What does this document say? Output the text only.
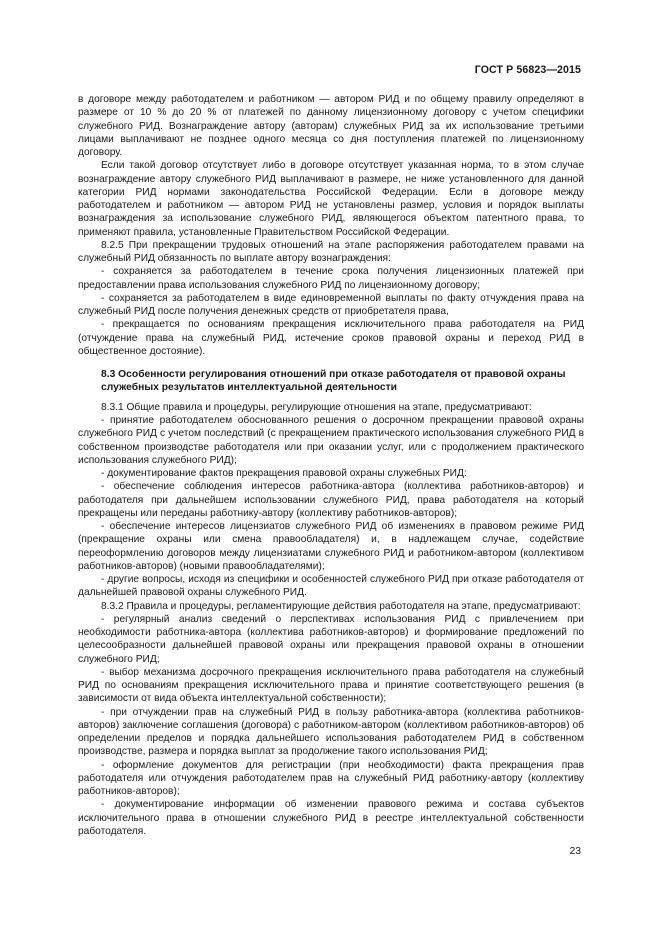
ГОСТ Р 56823—2015

в договоре между работодателем и работником — автором РИД и по общему правилу определяют в размере от 10 % до 20 % от платежей по данному лицензионному договору с учетом специфики служебного РИД. Вознаграждение автору (авторам) служебных РИД за их использование третьими лицами выплачивают не позднее одного месяца со дня поступления платежей по лицензионному договору.

Если такой договор отсутствует либо в договоре отсутствует указанная норма, то в этом случае вознаграждение автору служебного РИД выплачивают в размере, не ниже установленного для данной категории РИД нормами законодательства Российской Федерации. Если в договоре между работодателем и работником — автором РИД не установлены размер, условия и порядок выплаты вознаграждения за использование служебного РИД, являющегося объектом патентного права, то применяют правила, установленные Правительством Российской Федерации.

8.2.5 При прекращении трудовых отношений на этапе распоряжения работодателем правами на служебный РИД обязанность по выплате автору вознаграждения:

- сохраняется за работодателем в течение срока получения лицензионных платежей при предоставлении права использования служебного РИД по лицензионному договору;

- сохраняется за работодателем в виде единовременной выплаты по факту отчуждения права на служебный РИД после получения денежных средств от приобретателя права,

- прекращается по основаниям прекращения исключительного права работодателя на РИД (отчуждение права на служебный РИД, истечение сроков правовой охраны и переход РИД в общественное достояние).

8.3 Особенности регулирования отношений при отказе работодателя от правовой охраны служебных результатов интеллектуальной деятельности

8.3.1 Общие правила и процедуры, регулирующие отношения на этапе, предусматривают:

- принятие работодателем обоснованного решения о досрочном прекращении правовой охраны служебного РИД с учетом последствий (с прекращением практического использования служебного РИД в собственном производстве работодателя или при оказании услуг, или с продолжением практического использования служебного РИД);

- документирование фактов прекращения правовой охраны служебных РИД:

- обеспечение соблюдения интересов работника-автора (коллектива работников-авторов) и работодателя при дальнейшем использовании служебного РИД, права работодателя на который прекращены или переданы работнику-автору (коллективу работников-авторов);

- обеспечение интересов лицензиатов служебного РИД об изменениях в правовом режиме РИД (прекращение охраны или смена правообладателя) и, в надлежащем случае, содействие переоформлению договоров между лицензиатами служебного РИД и работником-автором (коллективом работников-авторов) (новыми правообладателями);

- другие вопросы, исходя из специфики и особенностей служебного РИД при отказе работодателя от дальнейшей правовой охраны служебного РИД.

8.3.2 Правила и процедуры, регламентирующие действия работодателя на этапе, предусматривают:

- регулярный анализ сведений о перспективах использования РИД с привлечением при необходимости работника-автора (коллектива работников-авторов) и формирование предложений по целесообразности дальнейшей правовой охраны или прекращения правовой охраны в отношении служебного РИД;

- выбор механизма досрочного прекращения исключительного права работодателя на служебный РИД по основаниям прекращения исключительного права и принятие соответствующего решения (в зависимости от вида объекта интеллектуальной собственности);

- при отчуждении прав на служебный РИД в пользу работника-автора (коллектива работников-авторов) заключение соглашения (договора) с работником-автором (коллективом работников-авторов) об определении пределов и порядка дальнейшего использования работодателем РИД в собственном производстве, размера и порядка выплат за продолжение такого использования РИД;

- оформление документов для регистрации (при необходимости) факта прекращения прав работодателя или отчуждения работодателем прав на служебный РИД работнику-автору (коллективу работников-авторов);

- документирование информации об изменении правового режима и состава субъектов исключительного права в отношении служебного РИД в реестре интеллектуальной собственности работодателя.

23
